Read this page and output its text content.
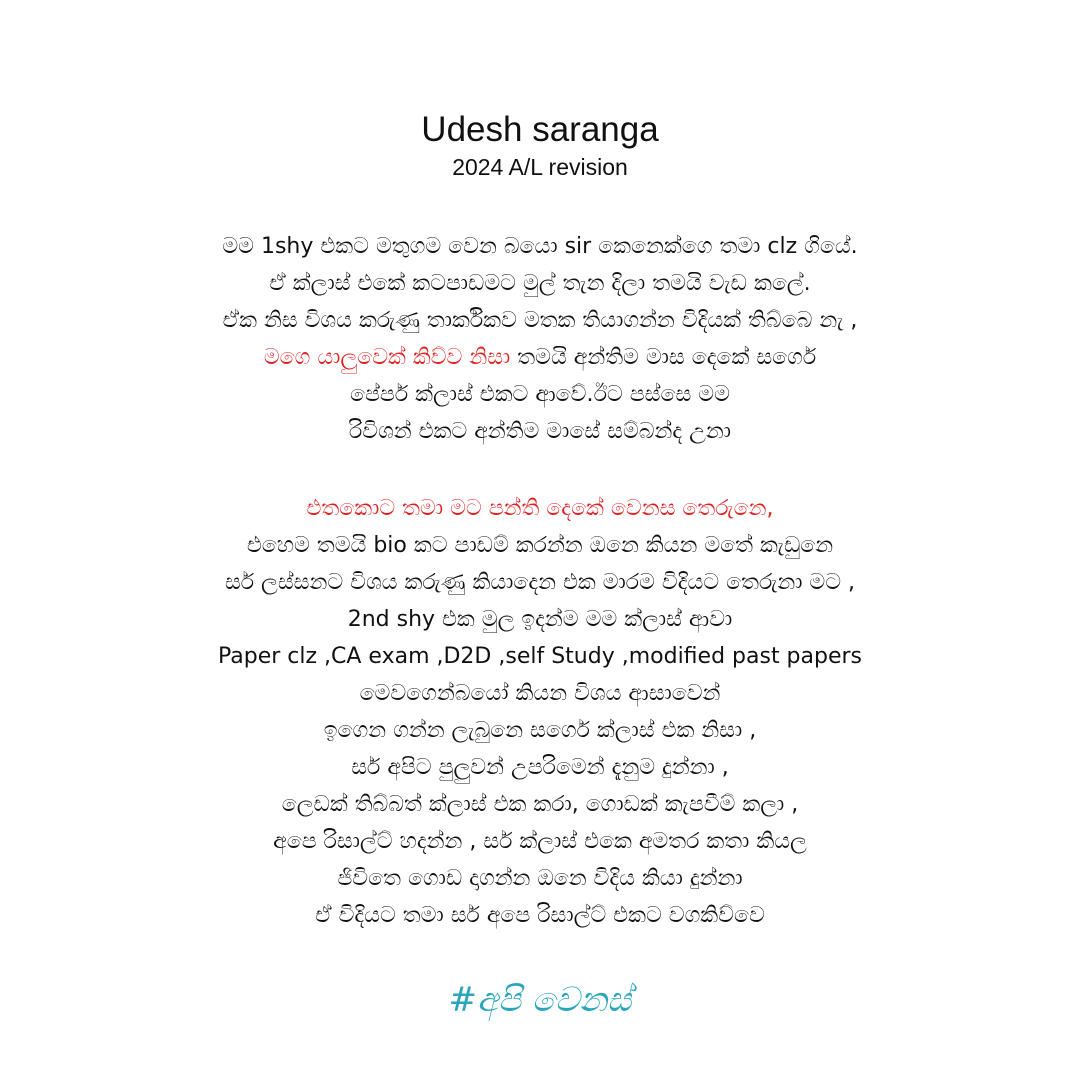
Udesh saranga
2024 A/L revision
මම 1shy එකට මතුගම වෙන බයො sir කෙනෙක්ගෙ තමා clz ගියේ.
ඒ ක්ලාස් එකේ කටපාඩමට මුල් තැන දිලා තමයි වැඩ කලේ.
ඒක නිස විශය කරුණු තාර්කිකව මතක තියාගන්න විදියක් තිබ්බෙ නැ ,
මගෙ යාලුවෙක් කිව්ව නිසා තමයි අන්තිම මාස දෙකේ සර්ගෙ
පේපර් ක්ලාස් එකට ආවේ.ඊට පස්සෙ මම
රිවිශන් එකට අන්තිම මාසේ සම්බන්ද උනා
එතකොට තමා මට පන්ති දෙකේ වෙනස තෙරුනෙ,
එහෙම තමයි bio කට පාඩම් කරන්න ඔනෙ කියන මතේ කැඩුනෙ
සර් ලස්සනට විශය කරුණු කියාදෙන එක මාරම විදියට තෙරුනා මට ,
2nd shy එක මුල ඉදන්ම මම ක්ලාස් ආවා
Paper clz ,CA exam ,D2D ,self Study ,modified past papers
මෙවගෙන්බයෝ කියන විශය ආසාවෙන්
ඉගෙන ගන්න ලැබුනෙ සර්ගෙ ක්ලාස් එක නිසා ,
සර් අපිට පුලුවන් උපරිමෙන් දැනුම දුන්නා ,
ලෙඩක් තිබ්බත් ක්ලාස් එක කරා, ගොඩක් කැපවීම් කලා ,
අපෙ රිසාල්ට් හදන්න , සර් ක්ලාස් එකෙ අමතර කතා කියල
ජිවිතෙ ගොඩ දාගන්න ඔනෙ විදිය කියා දුන්නා
ඒ විදියට තමා සර් අපෙ රිසාල්ට් එකට වගකිව්වෙ
#අපි වෙනස්
